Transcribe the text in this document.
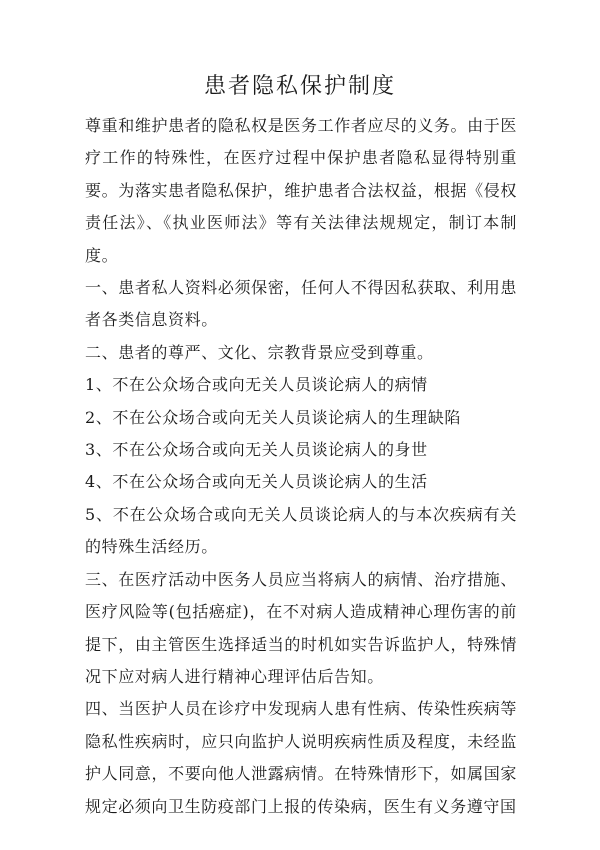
患者隐私保护制度

尊重和维护患者的隐私权是医务工作者应尽的义务。由于医疗工作的特殊性，在医疗过程中保护患者隐私显得特别重要。为落实患者隐私保护，维护患者合法权益，根据《侵权责任法》、《执业医师法》等有关法律法规规定，制订本制度。

一、患者私人资料必须保密，任何人不得因私获取、利用患者各类信息资料。

二、患者的尊严、文化、宗教背景应受到尊重。

1、不在公众场合或向无关人员谈论病人的病情

2、不在公众场合或向无关人员谈论病人的生理缺陷

3、不在公众场合或向无关人员谈论病人的身世

4、不在公众场合或向无关人员谈论病人的生活

5、不在公众场合或向无关人员谈论病人的与本次疾病有关的特殊生活经历。

三、在医疗活动中医务人员应当将病人的病情、治疗措施、医疗风险等(包括癌症)，在不对病人造成精神心理伤害的前提下，由主管医生选择适当的时机如实告诉监护人，特殊情况下应对病人进行精神心理评估后告知。

四、当医护人员在诊疗中发现病人患有性病、传染性疾病等隐私性疾病时，应只向监护人说明疾病性质及程度，未经监护人同意，不要向他人泄露病情。在特殊情形下，如属国家规定必须向卫生防疫部门上报的传染病，医生有义务遵守国
